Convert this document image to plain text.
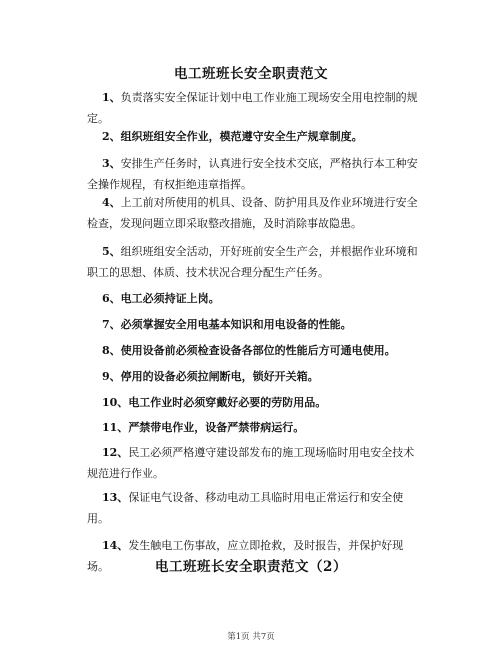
电工班班长安全职责范文
1、负责落实安全保证计划中电工作业施工现场安全用电控制的规
定。
2、组织班组安全作业，模范遵守安全生产规章制度。
3、安排生产任务时，认真进行安全技术交底，严格执行本工种安
全操作规程，有权拒绝违章指挥。
4、上工前对所使用的机具、设备、防护用具及作业环境进行安全
检查，发现问题立即采取整改措施，及时消除事故隐患。
5、组织班组安全活动，开好班前安全生产会，并根据作业环境和
职工的思想、体质、技术状况合理分配生产任务。
6、电工必须持证上岗。
7、必须掌握安全用电基本知识和用电设备的性能。
8、使用设备前必须检查设备各部位的性能后方可通电使用。
9、停用的设备必须拉闸断电，锁好开关箱。
10、电工作业时必须穿戴好必要的劳防用品。
11、严禁带电作业，设备严禁带病运行。
12、民工必须严格遵守建设部发布的施工现场临时用电安全技术
规范进行作业。
13、保证电气设备、移动电动工具临时用电正常运行和安全使
用。
14、发生触电工伤事故，应立即抢救，及时报告，并保护好现
场。	电工班班长安全职责范文（2）
第1页 共7页
